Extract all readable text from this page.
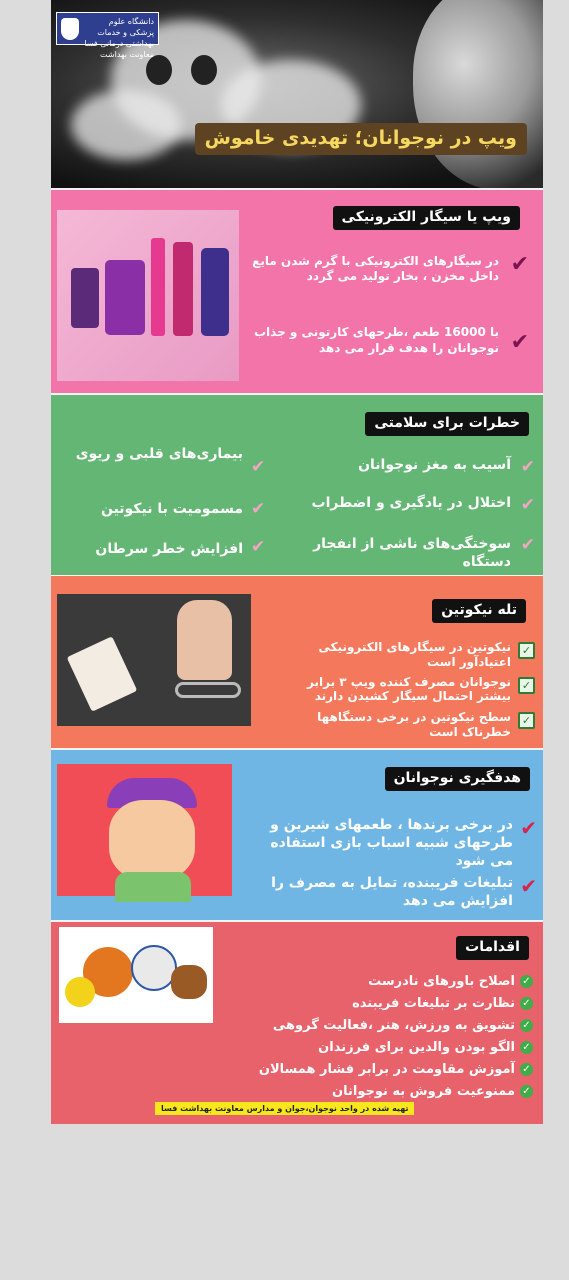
دانشگاه علوم پزشکی و خدمات بهداشتی درمانی فسا معاونت بهداشت
ویپ در نوجوانان؛ تهدیدی خاموش
ویپ یا سیگار الکترونیکی
✔
در سیگارهای الکترونیکی با گرم شدن مایع داخل مخزن ، بخار تولید می گردد
✔
با 16000 طعم ،طرحهای کارتونی و جذاب نوجوانان را هدف قرار می دهد
خطرات برای سلامتی
✔
آسیب به مغز نوجوانان
✔
بیماری‌های قلبی و ریوی
✔
اختلال در یادگیری و اضطراب
✔
مسمومیت با نیکوتین
✔
سوختگی‌های ناشی از انفجار دستگاه
✔
افزایش خطر سرطان
تله نیکوتین
✓
نیکوتین در سیگارهای الکترونیکی اعتیادآور است
✓
نوجوانان مصرف کننده ویپ ۳ برابر بیشتر احتمال سیگار کشیدن دارند
✓
سطح نیکوتین در برخی دستگاهها خطرناک است
هدفگیری نوجوانان
✔
در برخی برندها ، طعمهای شیرین و طرحهای شبیه اسباب بازی استفاده می شود
✔
تبلیغات فریبنده، تمایل به مصرف را افزایش می دهد
اقدامات
✓
اصلاح باورهای نادرست
✓
نظارت بر تبلیغات فریبنده
✓
تشویق به ورزش، هنر ،فعالیت گروهی
✓
الگو بودن والدین برای فرزندان
✓
آموزش مقاومت در برابر فشار همسالان
✓
ممنوعیت فروش به نوجوانان
تهیه شده در واحد نوجوان،جوان و مدارس معاونت بهداشت فسا
